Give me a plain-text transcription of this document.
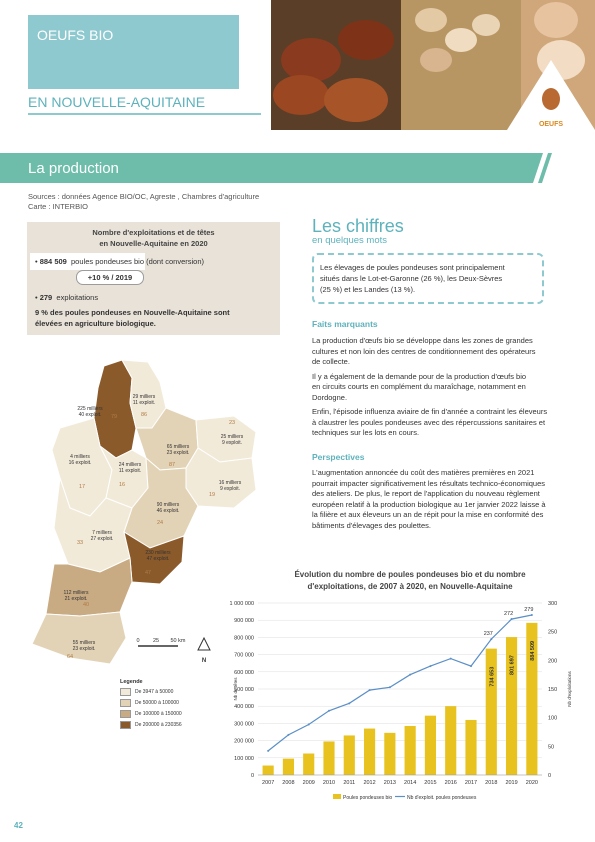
OEUFS BIO
EN NOUVELLE-AQUITAINE
OEUFS
La production
Sources : données Agence BIO/OC, Agreste , Chambres d'agriculture
Carte : INTERBIO
Nombre d'exploitations et de têtes
en Nouvelle-Aquitaine en 2020
• 884 509 poules pondeuses bio (dont conversion)
+10 % / 2019
• 279 exploitations
9 % des poules pondeuses en Nouvelle-Aquitaine sont
élevées en agriculture biologique.
225 milliers
40 exploit.
29 milliers
11 exploit.
65 milliers
23 exploit.
25 milliers
9 exploit.
4 milliers
16 exploit.	24 milliers
11 exploit.
90 milliers
46 exploit.
16 milliers
9 exploit.
7 milliers
27 exploit.
230 milliers
47 exploit.
112 milliers
21 exploit.
55 milliers
23 exploit.
86
79
87
23
16
17
19
24
33
47
40
64
0 25 50 km
N
Legende
De 3947 à 50000
De 50000 à 100000
De 100000 à 150000
De 200000 à 230356
Les chiffres
en quelques mots
Les élevages de poules pondeuses sont principalement
situés dans le Lot-et-Garonne (26 %), les Deux-Sèvres
(25 %) et les Landes (13 %).
Faits marquants
La production d'œufs bio se développe dans les zones de grandes
cultures et non loin des centres de conditionnement des opérateurs
de collecte.
Il y a également de la demande pour de la production d'œufs bio
en circuits courts en complément du maraîchage, notamment en
Dordogne.
Enfin, l'épisode influenza aviaire de fin d'année a contraint les éleveurs
à claustrer les poules pondeuses avec des répercussions sanitaires et
techniques sur les lots en cours.
Perspectives
L'augmentation annoncée du coût des matières premières en 2021
pourrait impacter significativement les résultats technico-économiques
des ateliers. De plus, le report de l'application du nouveau règlement
européen relatif à la production biologique au 1er janvier 2022 laisse à
la filière et aux éleveurs un an de répit pour la mise en conformité des
bâtiments d'élevages des poulettes.
Évolution du nombre de poules pondeuses bio et du nombre
d'exploitations, de 2007 à 2020, en Nouvelle-Aquitaine
0
100 000
200 000
300 000
400 000
500 000
600 000
700 000
800 000
900 000
1 000 000
0
50
100
150
200
250
300
Nb de têtes	Nb d'exploitations
2007 2008 2009 2010 2011 2012 2013 2014 2015 2016 2017
734 653
2018
801 697
2019
884 509
2020
237
272
279
Poules pondeuses bio	Nb d'exploit. poules pondeuses
42
